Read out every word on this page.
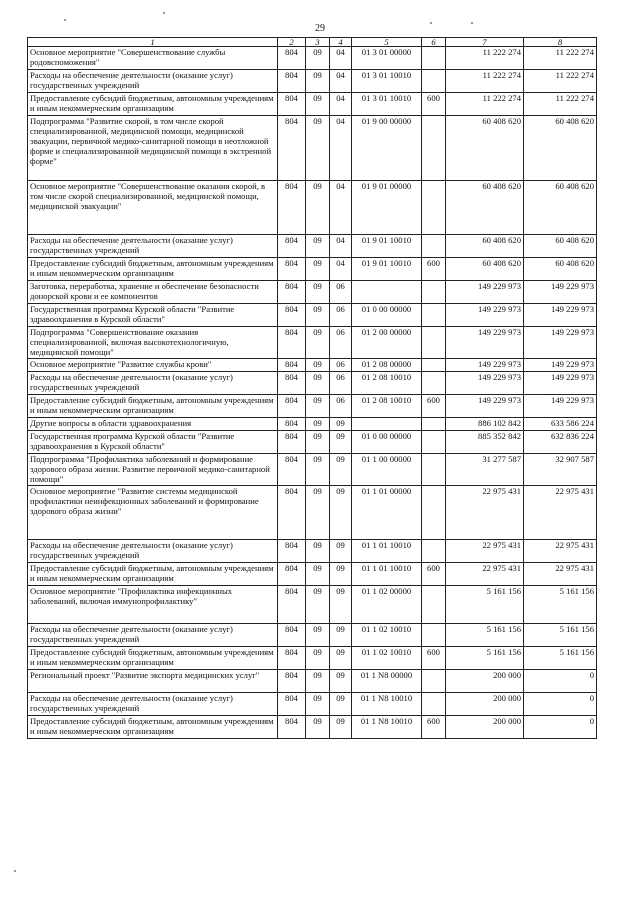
29
1	2	3	4	5	6	7	8
Основное мероприятие "Совершенствование службы родовспоможения"	804	09	04	01 3 01 00000		11 222 274	11 222 274
Расходы на обеспечение деятельности (оказание услуг) государственных учреждений	804	09	04	01 3 01 10010		11 222 274	11 222 274
Предоставление субсидий бюджетным, автономным учреждениям и иным некоммерческим организациям	804	09	04	01 3 01 10010	600	11 222 274	11 222 274
Подпрограмма "Развитие скорой, в том числе скорой специализированной, медицинской помощи, медицинской эвакуации, первичной медико-санитарной помощи в неотложной форме и специализированной медицинской помощи в экстренной форме"	804	09	04	01 9 00 00000		60 408 620	60 408 620
Основное мероприятие "Совершенствование оказания скорой, в том числе скорой специализированной, медицинской помощи, медицинской эвакуации"	804	09	04	01 9 01 00000		60 408 620	60 408 620
Расходы на обеспечение деятельности (оказание услуг) государственных учреждений	804	09	04	01 9 01 10010		60 408 620	60 408 620
Предоставление субсидий бюджетным, автономным учреждениям и иным некоммерческим организациям	804	09	04	01 9 01 10010	600	60 408 620	60 408 620
Заготовка, переработка, хранение и обеспечение безопасности донорской крови и ее компонентов	804	09	06			149 229 973	149 229 973
Государственная программа Курской области "Развитие здравоохранения в Курской области"	804	09	06	01 0 00 00000		149 229 973	149 229 973
Подпрограмма "Совершенствование оказания специализированной, включая высокотехнологичную, медицинской помощи"	804	09	06	01 2 00 00000		149 229 973	149 229 973
Основное мероприятие "Развитие службы крови"	804	09	06	01 2 08 00000		149 229 973	149 229 973
Расходы на обеспечение деятельности (оказание услуг) государственных учреждений	804	09	06	01 2 08 10010		149 229 973	149 229 973
Предоставление субсидий бюджетным, автономным учреждениям и иным некоммерческим организациям	804	09	06	01 2 08 10010	600	149 229 973	149 229 973
Другие вопросы в области здравоохранения	804	09	09			886 102 842	633 586 224
Государственная программа Курской области "Развитие здравоохранения в Курской области"	804	09	09	01 0 00 00000		885 352 842	632 836 224
Подпрограмма "Профилактика заболеваний и формирование здорового образа жизни. Развитие первичной медико-санитарной помощи"	804	09	09	01 1 00 00000		31 277 587	32 907 587
Основное мероприятие "Развитие системы медицинской профилактики неинфекционных заболеваний и формирование здорового образа жизни"	804	09	09	01 1 01 00000		22 975 431	22 975 431
Расходы на обеспечение деятельности (оказание услуг) государственных учреждений	804	09	09	01 1 01 10010		22 975 431	22 975 431
Предоставление субсидий бюджетным, автономным учреждениям и иным некоммерческим организациям	804	09	09	01 1 01 10010	600	22 975 431	22 975 431
Основное мероприятие "Профилактика инфекционных заболеваний, включая иммунопрофилактику"	804	09	09	01 1 02 00000		5 161 156	5 161 156
Расходы на обеспечение деятельности (оказание услуг) государственных учреждений	804	09	09	01 1 02 10010		5 161 156	5 161 156
Предоставление субсидий бюджетным, автономным учреждениям и иным некоммерческим организациям	804	09	09	01 1 02 10010	600	5 161 156	5 161 156
Региональный проект "Развитие экспорта медицинских услуг"	804	09	09	01 1 N8 00000		200 000	0
Расходы на обеспечение деятельности (оказание услуг) государственных учреждений	804	09	09	01 1 N8 10010		200 000	0
Предоставление субсидий бюджетным, автономным учреждениям и иным некоммерческим организациям	804	09	09	01 1 N8 10010	600	200 000	0
